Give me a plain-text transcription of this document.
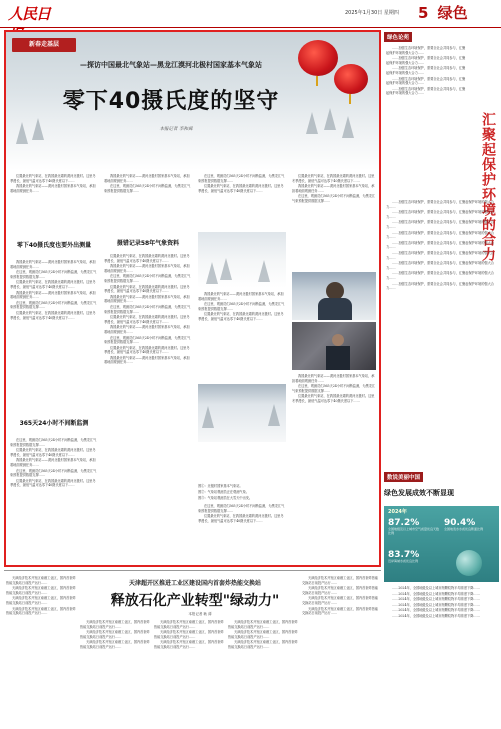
人民日	2025年1月30日 星期四 5 绿色
新春走基层
—探访中国最北气象站—黑龙江漠河北极村国家基本气象站
零下40摄氏度的坚守
本报记者 李和舜

位置最北的气象站，在我国最北端的漠河北极村。这里冬季漫长，最低气温可达零下40摄氏度以下……

我国最北的气象站——漠河北极村国家基本气象站，承担着地面观测任务……

零下40摄氏度也要外出测量

我国最北的气象站——漠河北极村国家基本气象站，承担着地面观测任务……

在这里，观测员们365天24小时不间断监测，为黑龙江气象预报提供数据支撑……

位置最北的气象站，在我国最北端的漠河北极村。这里冬季漫长，最低气温可达零下40摄氏度以下……

我国最北的气象站——漠河北极村国家基本气象站，承担着地面观测任务……

在这里，观测员们365天24小时不间断监测，为黑龙江气象预报提供数据支撑……

位置最北的气象站，在我国最北端的漠河北极村。这里冬季漫长，最低气温可达零下40摄氏度以下……

365天24小时不间断监测

在这里，观测员们365天24小时不间断监测，为黑龙江气象预报提供数据支撑……

位置最北的气象站，在我国最北端的漠河北极村。这里冬季漫长，最低气温可达零下40摄氏度以下……

我国最北的气象站——漠河北极村国家基本气象站，承担着地面观测任务……

在这里，观测员们365天24小时不间断监测，为黑龙江气象预报提供数据支撑……

位置最北的气象站，在我国最北端的漠河北极村。这里冬季漫长，最低气温可达零下40摄氏度以下……

我国最北的气象站——漠河北极村国家基本气象站，承担着地面观测任务……

在这里，观测员们365天24小时不间断监测，为黑龙江气象预报提供数据支撑……

摄错记录58年气象资料

位置最北的气象站，在我国最北端的漠河北极村。这里冬季漫长，最低气温可达零下40摄氏度以下……

我国最北的气象站——漠河北极村国家基本气象站，承担着地面观测任务……

在这里，观测员们365天24小时不间断监测，为黑龙江气象预报提供数据支撑……

位置最北的气象站，在我国最北端的漠河北极村。这里冬季漫长，最低气温可达零下40摄氏度以下……

我国最北的气象站——漠河北极村国家基本气象站，承担着地面观测任务……

在这里，观测员们365天24小时不间断监测，为黑龙江气象预报提供数据支撑……

位置最北的气象站，在我国最北端的漠河北极村。这里冬季漫长，最低气温可达零下40摄氏度以下……

我国最北的气象站——漠河北极村国家基本气象站，承担着地面观测任务……

在这里，观测员们365天24小时不间断监测，为黑龙江气象预报提供数据支撑……

位置最北的气象站，在我国最北端的漠河北极村。这里冬季漫长，最低气温可达零下40摄氏度以下……

我国最北的气象站——漠河北极村国家基本气象站，承担着地面观测任务……

在这里，观测员们365天24小时不间断监测，为黑龙江气象预报提供数据支撑……

位置最北的气象站，在我国最北端的漠河北极村。这里冬季漫长，最低气温可达零下40摄氏度以下……

我国最北的气象站——漠河北极村国家基本气象站，承担着地面观测任务……

在这里，观测员们365天24小时不间断监测，为黑龙江气象预报提供数据支撑……

位置最北的气象站，在我国最北端的漠河北极村。这里冬季漫长，最低气温可达零下40摄氏度以下……

图①：北极村国家基本气象站。
图②：气象站观测员正在观测气象。
图③：气象站观测员在大雪天中出发。

在这里，观测员们365天24小时不间断监测，为黑龙江气象预报提供数据支撑……

位置最北的气象站，在我国最北端的漠河北极村。这里冬季漫长，最低气温可达零下40摄氏度以下……

位置最北的气象站，在我国最北端的漠河北极村。这里冬季漫长，最低气温可达零下40摄氏度以下……

我国最北的气象站——漠河北极村国家基本气象站，承担着地面观测任务……

在这里，观测员们365天24小时不间断监测，为黑龙江气象预报提供数据支撑……

我国最北的气象站——漠河北极村国家基本气象站，承担着地面观测任务……

在这里，观测员们365天24小时不间断监测，为黑龙江气象预报提供数据支撑……

位置最北的气象站，在我国最北端的漠河北极村。这里冬季漫长，最低气温可达零下40摄氏度以下……

天津超开区推进工业区建设国内首套炸热能交换站
释放石化产业转型"绿动力"
本报记者 耿 薄

天津经济技术开发区南港工业区，国内首套炸热能交换站日前投产运行……

天津经济技术开发区南港工业区，国内首套炸热能交换站日前投产运行……

天津经济技术开发区南港工业区，国内首套炸热能交换站日前投产运行……

天津经济技术开发区南港工业区，国内首套炸热能交换站日前投产运行……

天津经济技术开发区南港工业区，国内首套炸热能交换站日前投产运行……

天津经济技术开发区南港工业区，国内首套炸热能交换站日前投产运行……

天津经济技术开发区南港工业区，国内首套炸热能交换站日前投产运行……

天津经济技术开发区南港工业区，国内首套炸热能交换站日前投产运行……

天津经济技术开发区南港工业区，国内首套炸热能交换站日前投产运行……

天津经济技术开发区南港工业区，国内首套炸热能交换站日前投产运行……

天津经济技术开发区南港工业区，国内首套炸热能交换站日前投产运行……

天津经济技术开发区南港工业区，国内首套炸热能交换站日前投产运行……

天津经济技术开发区南港工业区，国内首套炸热能交换站日前投产运行……

天津经济技术开发区南港工业区，国内首套炸热能交换站日前投产运行……

天津经济技术开发区南港工业区，国内首套炸热能交换站日前投产运行……

天津经济技术开发区南港工业区，国内首套炸热能交换站日前投产运行……

天津经济技术开发区南港工业区，国内首套炸热能交换站日前投产运行……

绿色论苑
汇聚起保护环境的合力

……加强生态环境保护，需要全社会共同参与，汇聚起保护环境的强大合力……

……加强生态环境保护，需要全社会共同参与，汇聚起保护环境的强大合力……

……加强生态环境保护，需要全社会共同参与，汇聚起保护环境的强大合力……

……加强生态环境保护，需要全社会共同参与，汇聚起保护环境的强大合力……

……加强生态环境保护，需要全社会共同参与，汇聚起保护环境的强大合力……

……加强生态环境保护，需要全社会共同参与，汇聚起保护环境的强大合力……

……加强生态环境保护，需要全社会共同参与，汇聚起保护环境的强大合力……

……加强生态环境保护，需要全社会共同参与，汇聚起保护环境的强大合力……

……加强生态环境保护，需要全社会共同参与，汇聚起保护环境的强大合力……

……加强生态环境保护，需要全社会共同参与，汇聚起保护环境的强大合力……

……加强生态环境保护，需要全社会共同参与，汇聚起保护环境的强大合力……

……加强生态环境保护，需要全社会共同参与，汇聚起保护环境的强大合力……

……加强生态环境保护，需要全社会共同参与，汇聚起保护环境的强大合力……

……加强生态环境保护，需要全社会共同参与，汇聚起保护环境的强大合力……

数说美丽中国
绿色发展成效不断显现
2024年
87.2%
全国地级及以上城市空气质量优良天数比例
90.4%
全国地表水水质优良断面比例
83.7%
近岸海域水质优良比例

……2024年，全国地级及以上城市细颗粒物平均浓度下降……

……2024年，全国地级及以上城市细颗粒物平均浓度下降……

……2024年，全国地级及以上城市细颗粒物平均浓度下降……

……2024年，全国地级及以上城市细颗粒物平均浓度下降……

……2024年，全国地级及以上城市细颗粒物平均浓度下降……

……2024年，全国地级及以上城市细颗粒物平均浓度下降……
